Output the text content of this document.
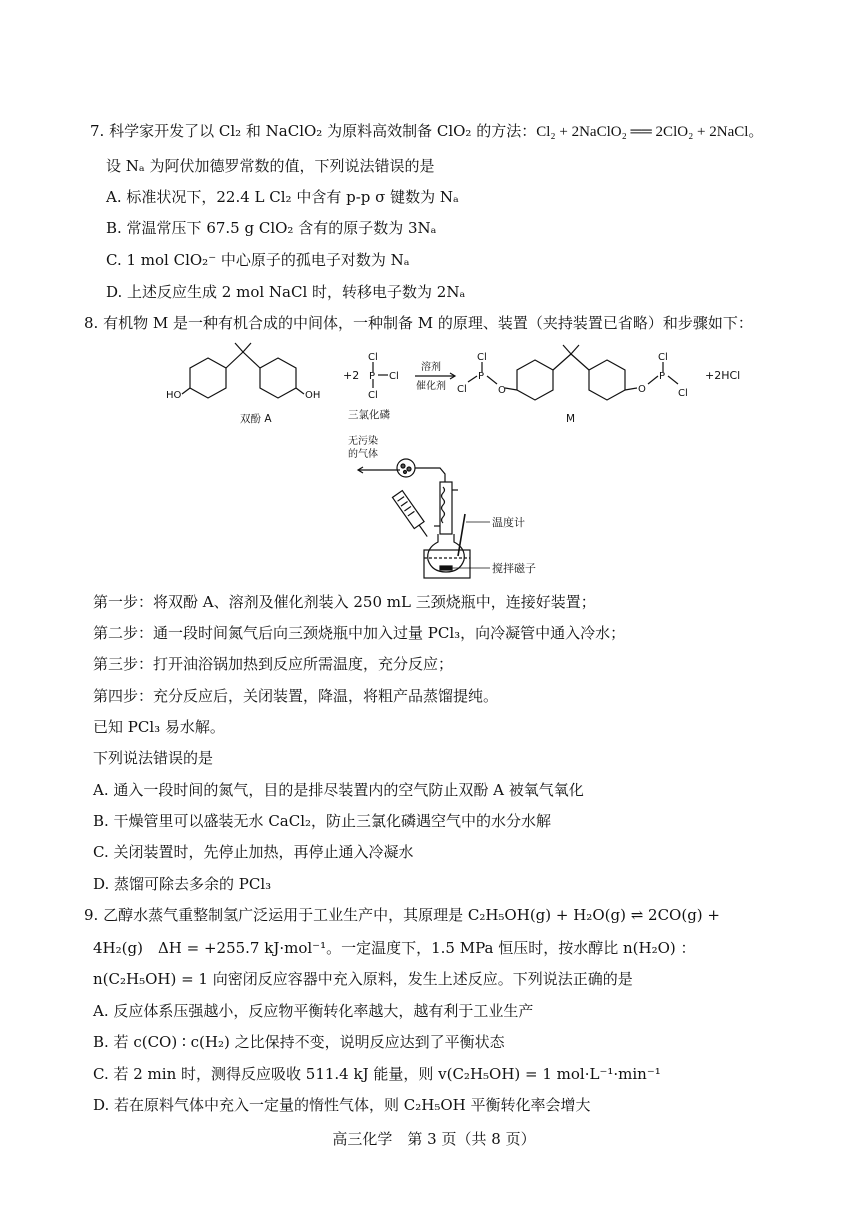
7. 科学家开发了以 Cl₂ 和 NaClO₂ 为原料高效制备 ClO₂ 的方法：Cl₂ + 2NaClO₂ ══ 2ClO₂ + 2NaCl。
设 Nₐ 为阿伏加德罗常数的值，下列说法错误的是
A. 标准状况下，22.4 L Cl₂ 中含有 p-p σ 键数为 Nₐ
B. 常温常压下 67.5 g ClO₂ 含有的原子数为 3Nₐ
C. 1 mol ClO₂⁻ 中心原子的孤电子对数为 Nₐ
D. 上述反应生成 2 mol NaCl 时，转移电子数为 2Nₐ
8. 有机物 M 是一种有机合成的中间体，一种制备 M 的原理、装置（夹持装置已省略）和步骤如下：
HO	OH
双酚 A
+2
Cl
P Cl
Cl
三氯化磷
溶剂
催化剂
Cl
P
Cl	O	O
Cl
P
Cl
M
+2HCl
无污染
的气体
温度计
搅拌磁子
第一步：将双酚 A、溶剂及催化剂装入 250 mL 三颈烧瓶中，连接好装置；
第二步：通一段时间氮气后向三颈烧瓶中加入过量 PCl₃，向冷凝管中通入冷水；
第三步：打开油浴锅加热到反应所需温度，充分反应；
第四步：充分反应后，关闭装置，降温，将粗产品蒸馏提纯。
已知 PCl₃ 易水解。
下列说法错误的是
A. 通入一段时间的氮气，目的是排尽装置内的空气防止双酚 A 被氧气氧化
B. 干燥管里可以盛装无水 CaCl₂，防止三氯化磷遇空气中的水分水解
C. 关闭装置时，先停止加热，再停止通入冷凝水
D. 蒸馏可除去多余的 PCl₃
9. 乙醇水蒸气重整制氢广泛运用于工业生产中，其原理是 C₂H₅OH(g) + H₂O(g) ⇌ 2CO(g) +
4H₂(g)　ΔH = +255.7 kJ·mol⁻¹。一定温度下，1.5 MPa 恒压时，按水醇比 n(H₂O) ：
n(C₂H₅OH) = 1 向密闭反应容器中充入原料，发生上述反应。下列说法正确的是
A. 反应体系压强越小，反应物平衡转化率越大，越有利于工业生产
B. 若 c(CO) ∶ c(H₂) 之比保持不变，说明反应达到了平衡状态
C. 若 2 min 时，测得反应吸收 511.4 kJ 能量，则 v(C₂H₅OH) = 1 mol·L⁻¹·min⁻¹
D. 若在原料气体中充入一定量的惰性气体，则 C₂H₅OH 平衡转化率会增大
高三化学　第 3 页（共 8 页）
